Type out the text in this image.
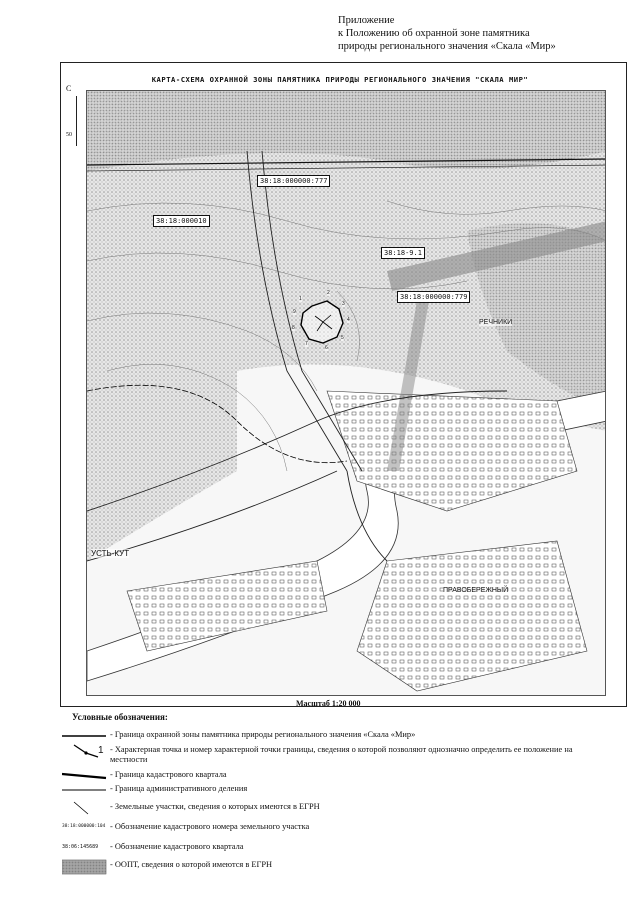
Приложение
к Положению об охранной зоне памятника
природы регионального значения «Скала «Мир»
КАРТА-СХЕМА ОХРАННОЙ ЗОНЫ ПАМЯТНИКА ПРИРОДЫ РЕГИОНАЛЬНОГО ЗНАЧЕНИЯ "СКАЛА МИР"
С
50
38:18:000000:777
38:18:000010
38:18-9.1
38:18:000000:779
1
2
3
4
5
6
7
8
9
УСТЬ-КУТ
ПРАВОБЕРЕЖНЫЙ
РЕЧНИКИ
Масштаб 1:20 000
Условные обозначения:
- Граница охранной зоны памятника природы регионального значения «Скала «Мир»
1 - Характерная точка и номер характерной точки границы, сведения о которой позволяют однозначно определить ее положение на местности
- Граница кадастрового квартала
- Граница административного деления
- Земельные участки, сведения о которых имеются в ЕГРН
38:18:000000:104 - Обозначение кадастрового номера земельного участка
38:06:145689 - Обозначение кадастрового квартала
- ООПТ, сведения о которой имеются в ЕГРН
